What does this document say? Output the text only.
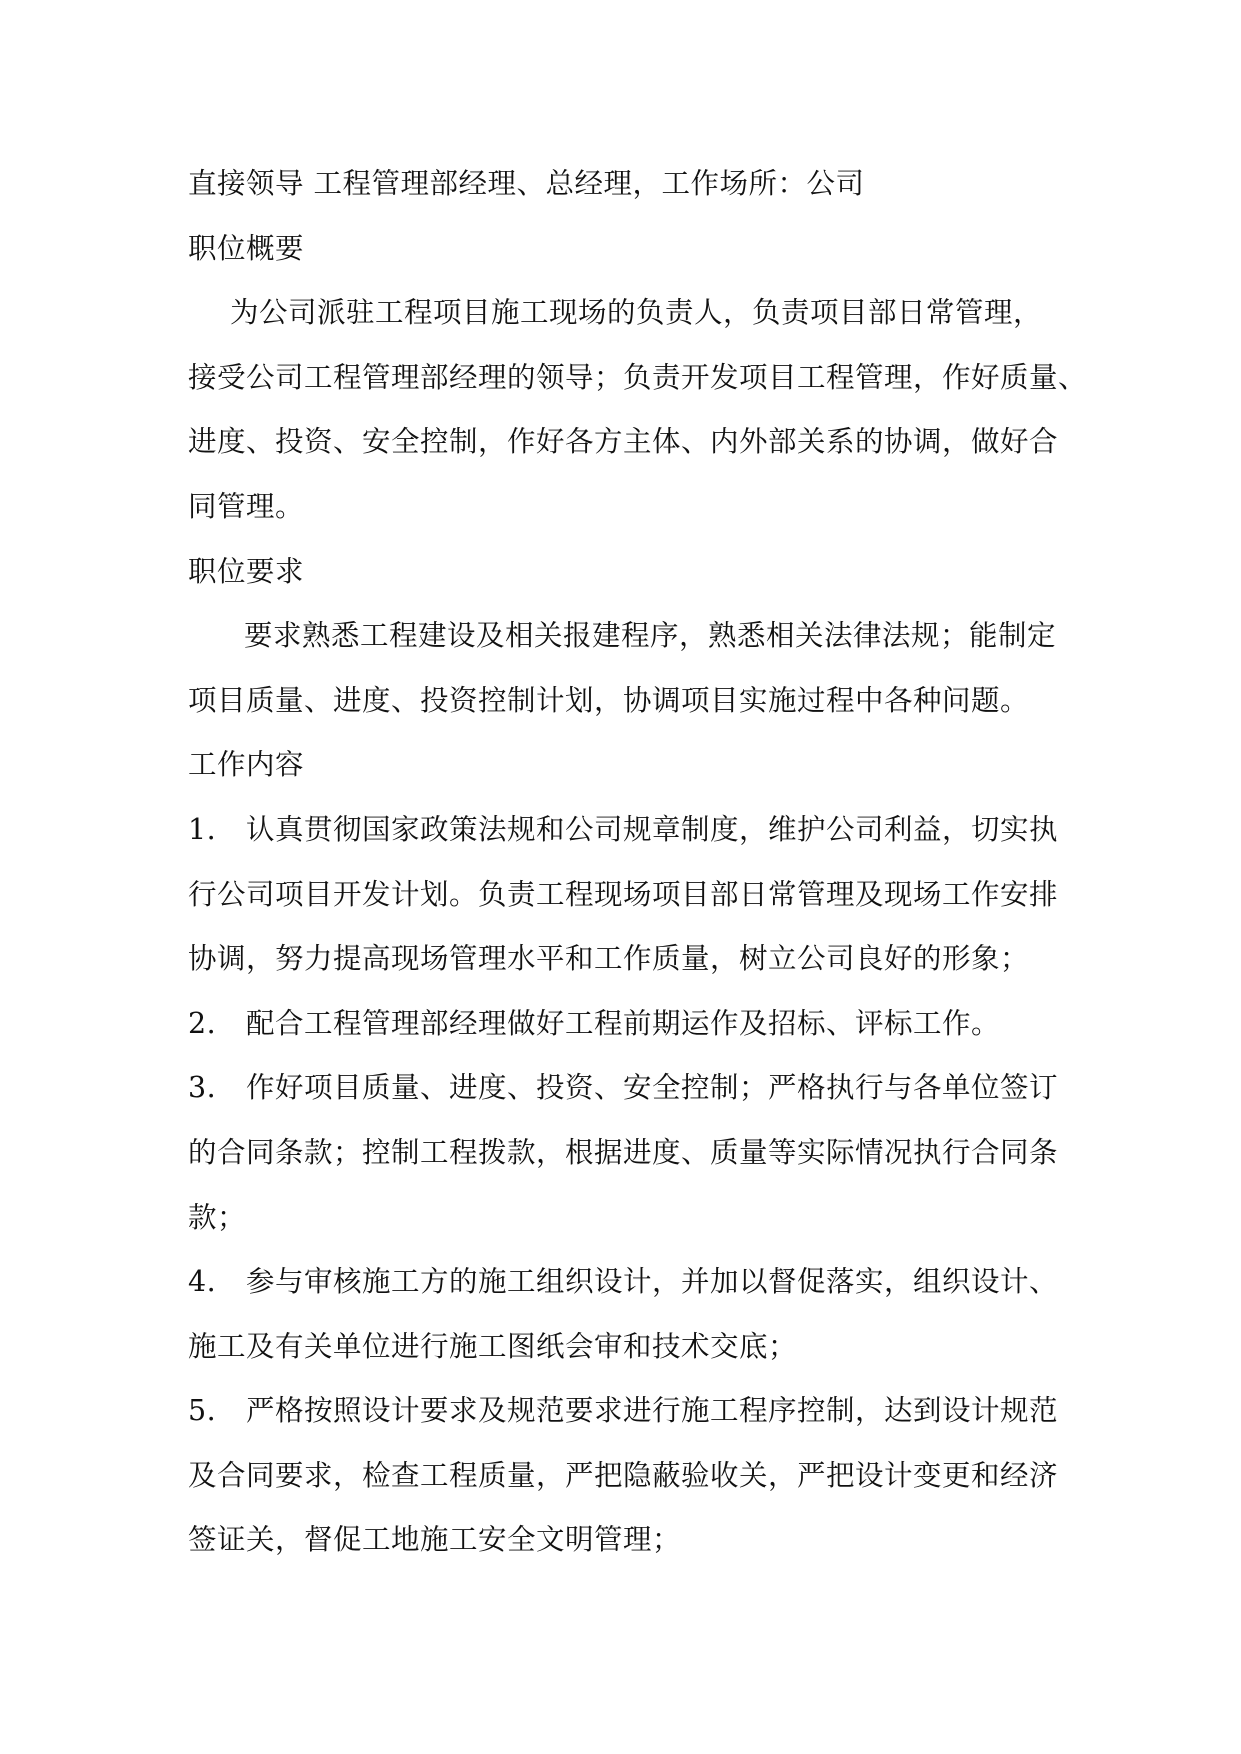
直接领导 工程管理部经理、总经理，工作场所：公司
职位概要
为公司派驻工程项目施工现场的负责人，负责项目部日常管理，
接受公司工程管理部经理的领导；负责开发项目工程管理，作好质量、
进度、投资、安全控制，作好各方主体、内外部关系的协调，做好合
同管理。
职位要求
要求熟悉工程建设及相关报建程序，熟悉相关法律法规；能制定
项目质量、进度、投资控制计划，协调项目实施过程中各种问题。
工作内容
1. 认真贯彻国家政策法规和公司规章制度，维护公司利益，切实执
行公司项目开发计划。负责工程现场项目部日常管理及现场工作安排
协调，努力提高现场管理水平和工作质量，树立公司良好的形象；
2. 配合工程管理部经理做好工程前期运作及招标、评标工作。
3. 作好项目质量、进度、投资、安全控制；严格执行与各单位签订
的合同条款；控制工程拨款，根据进度、质量等实际情况执行合同条
款；
4. 参与审核施工方的施工组织设计，并加以督促落实，组织设计、
施工及有关单位进行施工图纸会审和技术交底；
5. 严格按照设计要求及规范要求进行施工程序控制，达到设计规范
及合同要求，检查工程质量，严把隐蔽验收关，严把设计变更和经济
签证关，督促工地施工安全文明管理；
